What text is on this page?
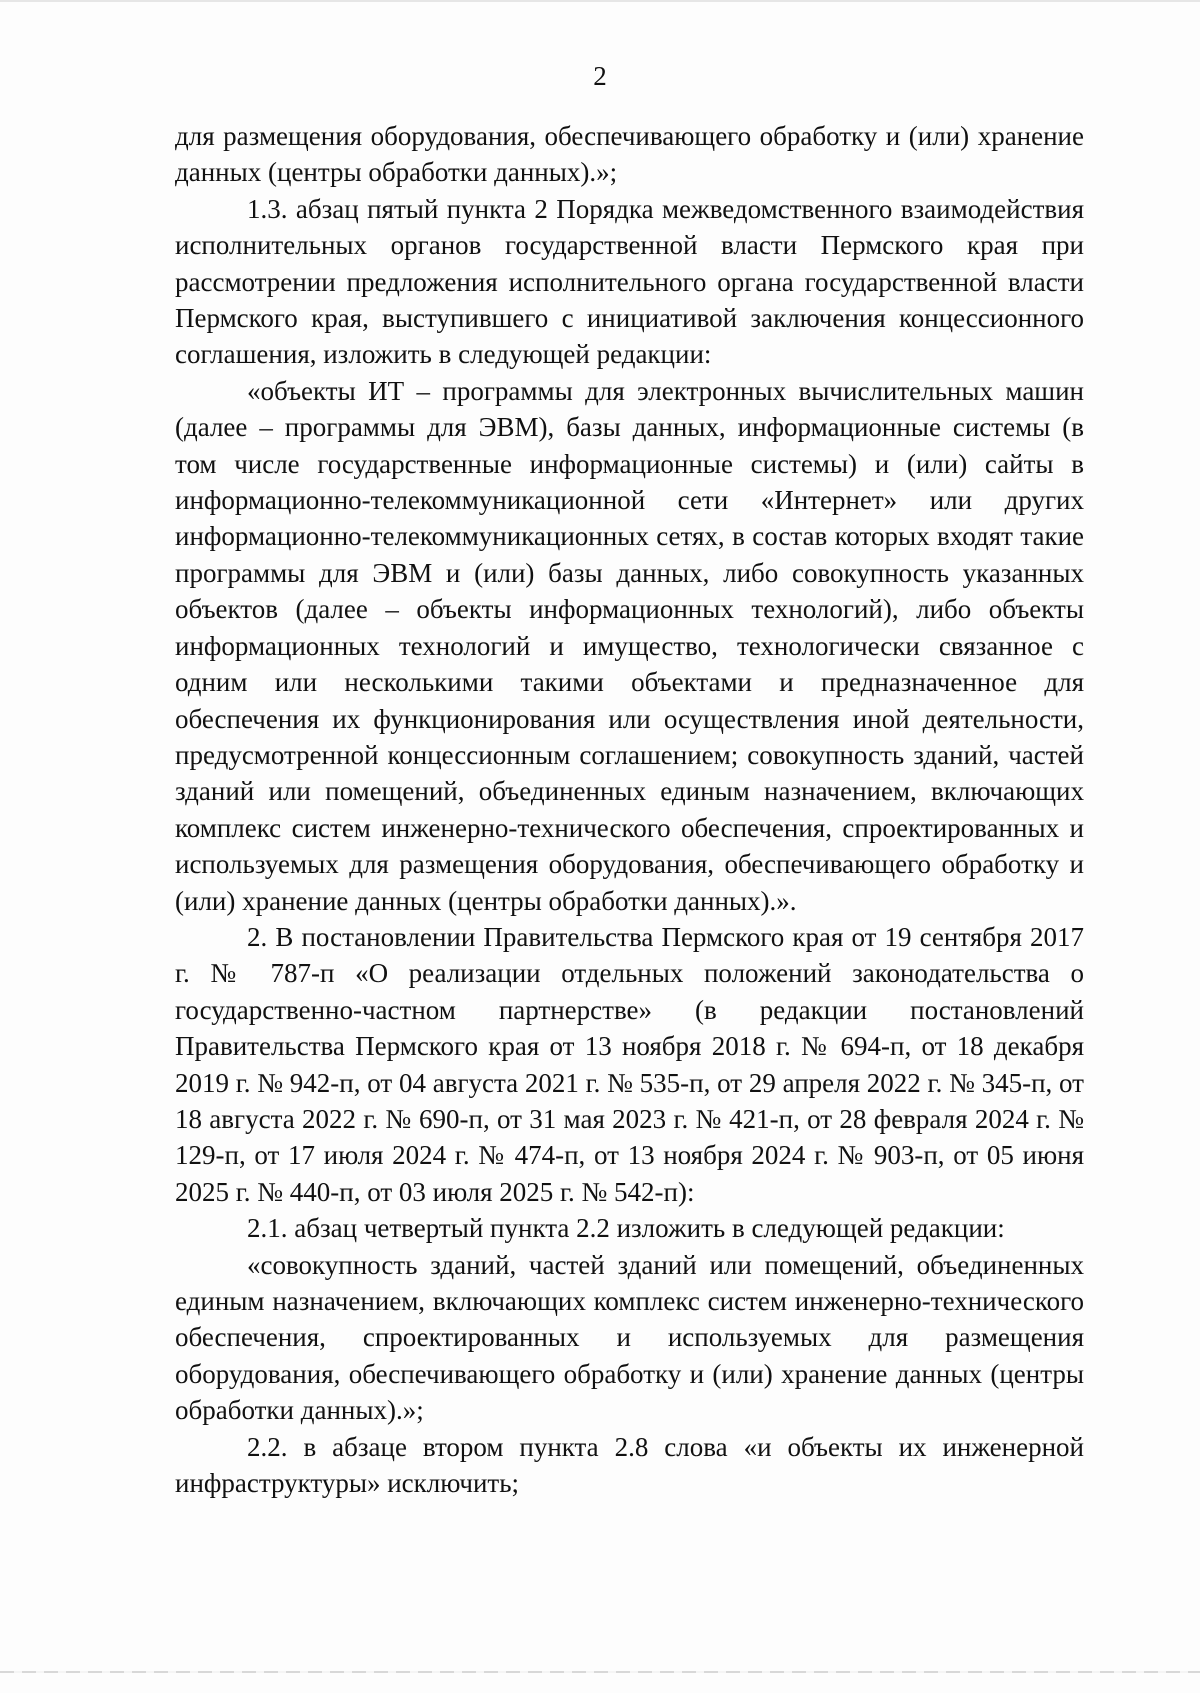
2

для размещения оборудования, обеспечивающего обработку и (или) хранение данных (центры обработки данных).»;

1.3. абзац пятый пункта 2 Порядка межведомственного взаимодействия исполнительных органов государственной власти Пермского края при рассмотрении предложения исполнительного органа государственной власти Пермского края, выступившего с инициативой заключения концессионного соглашения, изложить в следующей редакции:

«объекты ИТ – программы для электронных вычислительных машин (далее – программы для ЭВМ), базы данных, информационные системы (в том числе государственные информационные системы) и (или) сайты в информационно-телекоммуникационной сети «Интернет» или других информационно-телекоммуникационных сетях, в состав которых входят такие программы для ЭВМ и (или) базы данных, либо совокупность указанных объектов (далее – объекты информационных технологий), либо объекты информационных технологий и имущество, технологически связанное с одним или несколькими такими объектами и предназначенное для обеспечения их функционирования или осуществления иной деятельности, предусмотренной концессионным соглашением; совокупность зданий, частей зданий или помещений, объединенных единым назначением, включающих комплекс систем инженерно-технического обеспечения, спроектированных и используемых для размещения оборудования, обеспечивающего обработку и (или) хранение данных (центры обработки данных).».

2. В постановлении Правительства Пермского края от 19 сентября 2017 г. № 787-п «О реализации отдельных положений законодательства о государственно-частном партнерстве» (в редакции постановлений Правительства Пермского края от 13 ноября 2018 г. № 694-п, от 18 декабря 2019 г. № 942-п, от 04 августа 2021 г. № 535-п, от 29 апреля 2022 г. № 345-п, от 18 августа 2022 г. № 690-п, от 31 мая 2023 г. № 421-п, от 28 февраля 2024 г. № 129-п, от 17 июля 2024 г. № 474-п, от 13 ноября 2024 г. № 903-п, от 05 июня 2025 г. № 440-п, от 03 июля 2025 г. № 542-п):

2.1. абзац четвертый пункта 2.2 изложить в следующей редакции:

«совокупность зданий, частей зданий или помещений, объединенных единым назначением, включающих комплекс систем инженерно-технического обеспечения, спроектированных и используемых для размещения оборудования, обеспечивающего обработку и (или) хранение данных (центры обработки данных).»;

2.2. в абзаце втором пункта 2.8 слова «и объекты их инженерной инфраструктуры» исключить;
